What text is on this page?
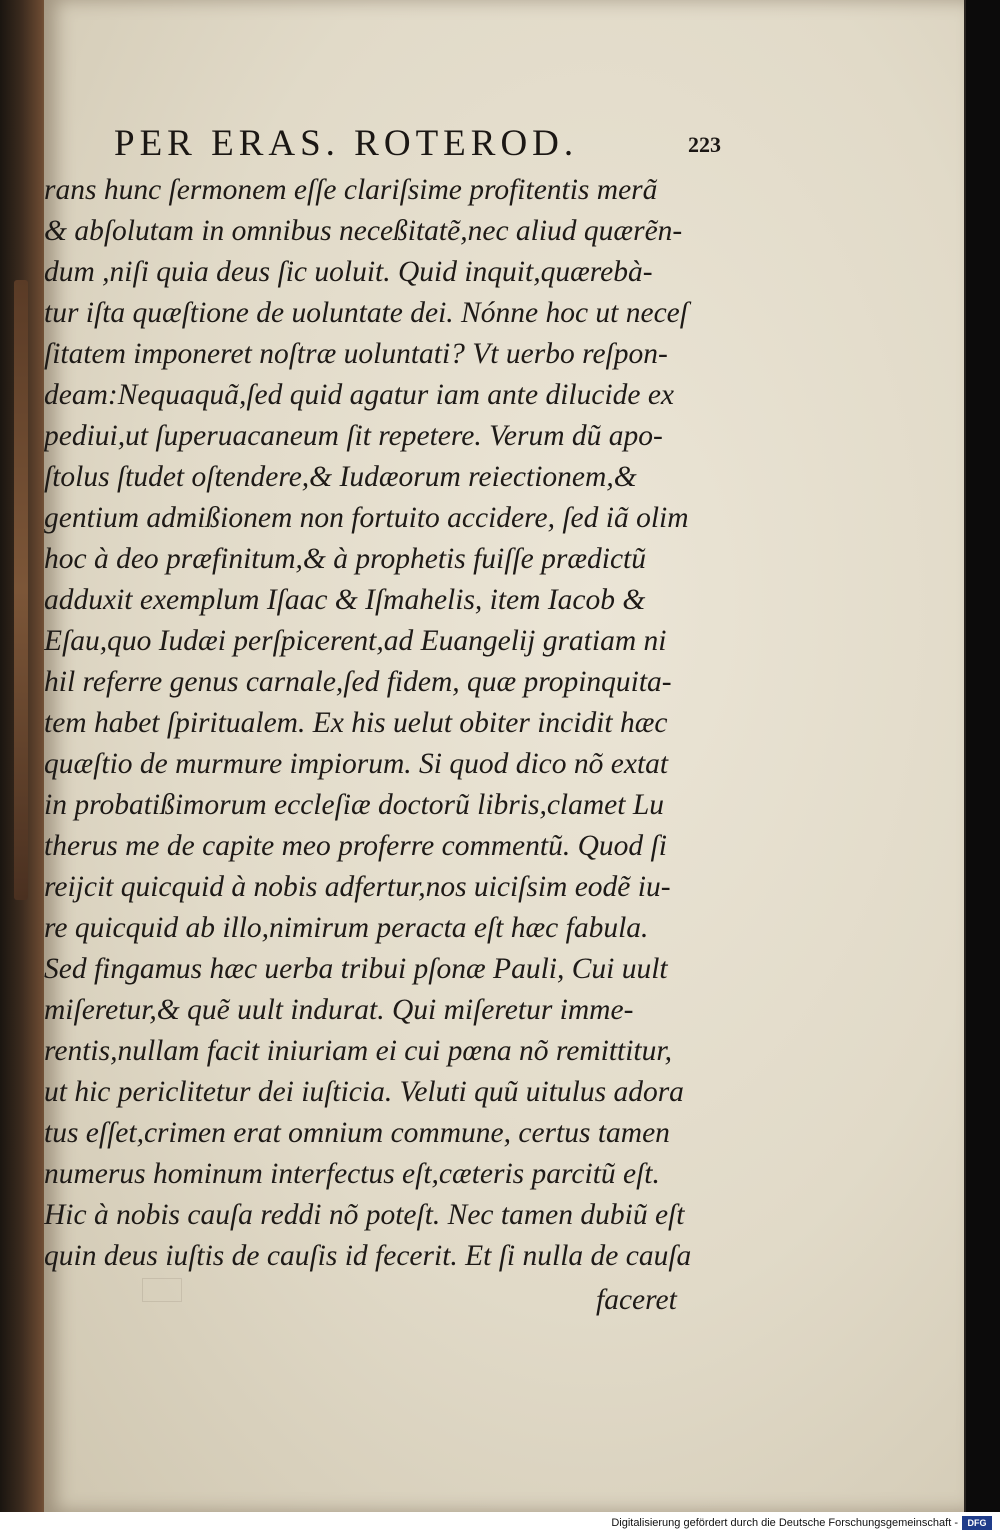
PER ERAS. ROTEROD.	223
rans hunc ſermonem eſſe clariſsime profitentis merã
& abſolutam in omnibus neceßitatẽ,nec aliud quærẽn-
dum ,niſi quia deus ſic uoluit. Quid inquit,quærebà-
tur iſta quæſtione de uoluntate dei. Nónne hoc ut neceſ
ſitatem imponeret noſtræ uoluntati? Vt uerbo reſpon-
deam:Nequaquã,ſed quid agatur iam ante dilucide ex
pediui,ut ſuperuacaneum ſit repetere. Verum dũ apo-
ſtolus ſtudet oſtendere,& Iudæorum reiectionem,&
gentium admißionem non fortuito accidere, ſed iã olim
hoc à deo præfinitum,& à prophetis fuiſſe prædictũ
adduxit exemplum Iſaac & Iſmahelis, item Iacob &
Eſau,quo Iudæi perſpicerent,ad Euangelij gratiam ni
hil referre genus carnale,ſed fidem, quæ propinquita-
tem habet ſpiritualem. Ex his uelut obiter incidit hæc
quæſtio de murmure impiorum. Si quod dico nõ extat
in probatißimorum eccleſiæ doctorũ libris,clamet Lu
therus me de capite meo proferre commentũ. Quod ſi
reijcit quicquid à nobis adfertur,nos uiciſsim eodẽ iu-
re quicquid ab illo,nimirum peracta eſt hæc fabula.
Sed fingamus hæc uerba tribui pſonæ Pauli, Cui uult
miſeretur,& quẽ uult indurat. Qui miſeretur imme-
rentis,nullam facit iniuriam ei cui pœna nõ remittitur,
ut hic periclitetur dei iuſticia. Veluti quũ uitulus adora
tus eſſet,crimen erat omnium commune, certus tamen
numerus hominum interfectus eſt,cæteris parcitũ eſt.
Hic à nobis cauſa reddi nõ poteſt. Nec tamen dubiũ eſt
quin deus iuſtis de cauſis id fecerit. Et ſi nulla de cauſa
faceret
Digitalisierung gefördert durch die Deutsche Forschungsgemeinschaft -	DFG
